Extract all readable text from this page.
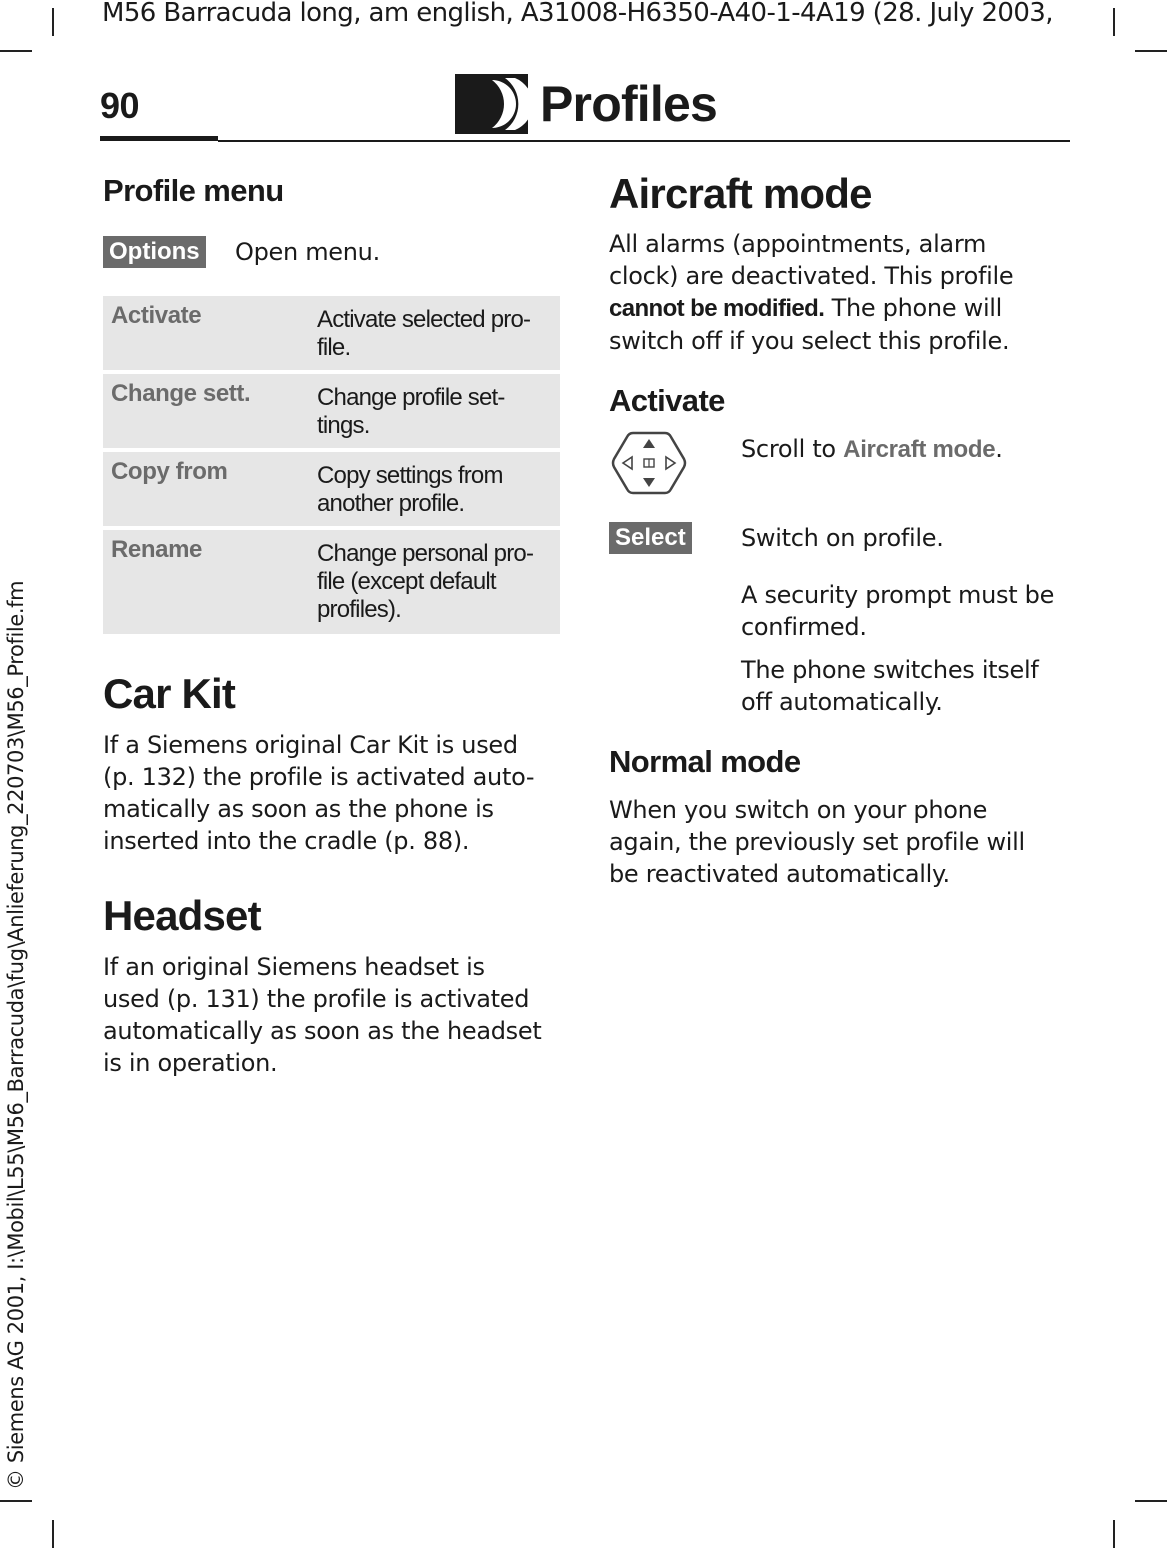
M56 Barracuda long, am english, A31008-H6350-A40-1-4A19 (28. July 2003,
© Siemens AG 2001, I:\Mobil\L55\M56_Barracuda\fug\Anlieferung_220703\M56_Profile.fm
90	Profiles
Profile menu
Options Open menu.
Activate	Activate selected pro-
file.
Change sett.	Change profile set-
tings.
Copy from	Copy settings from
another profile.
Rename	Change personal pro-
file (except default
profiles).
Car Kit
If a Siemens original Car Kit is used
(p. 132) the profile is activated auto-
matically as soon as the phone is
inserted into the cradle (p. 88).
Headset
If an original Siemens headset is
used (p. 131) the profile is activated
automatically as soon as the headset
is in operation.
Aircraft mode
All alarms (appointments, alarm
clock) are deactivated. This profile
cannot be modified. The phone will
switch off if you select this profile.
Activate
Scroll to Aircraft mode.
Select Switch on profile.
A security prompt must be
confirmed.
The phone switches itself
off automatically.
Normal mode
When you switch on your phone
again, the previously set profile will
be reactivated automatically.
